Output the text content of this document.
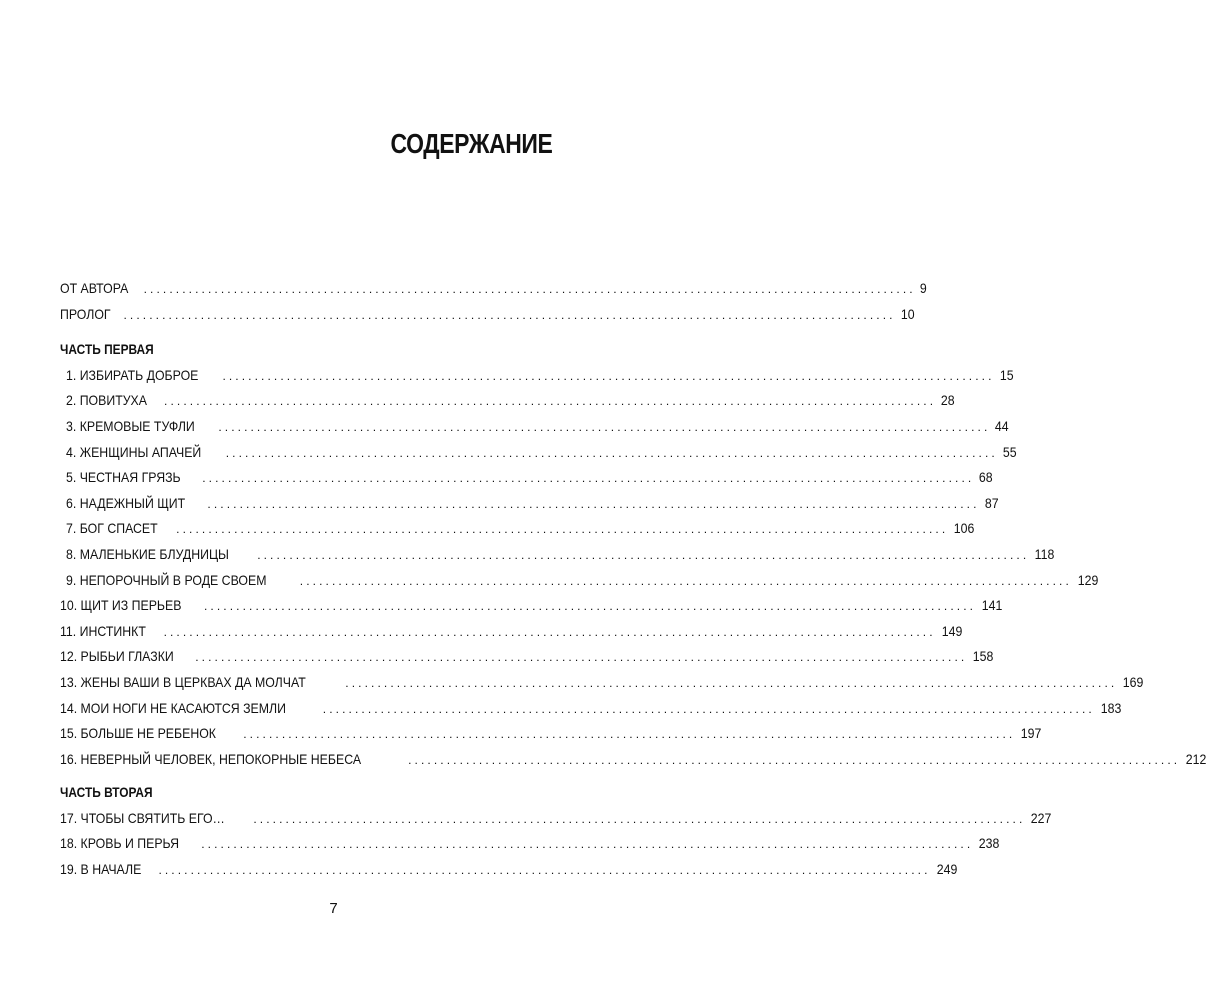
СОДЕРЖАНИЕ
ОТ АВТОРА ........................................................................................................................ 9
ПРОЛОГ ........................................................................................................................ 10
ЧАСТЬ ПЕРВАЯ
1. ИЗБИРАТЬ ДОБРОЕ ........................................................................................................................ 15
2. ПОВИТУХА ........................................................................................................................ 28
3. КРЕМОВЫЕ ТУФЛИ ........................................................................................................................ 44
4. ЖЕНЩИНЫ АПАЧЕЙ ........................................................................................................................ 55
5. ЧЕСТНАЯ ГРЯЗЬ ........................................................................................................................ 68
6. НАДЕЖНЫЙ ЩИТ ........................................................................................................................ 87
7. БОГ СПАСЕТ ........................................................................................................................ 106
8. МАЛЕНЬКИЕ БЛУДНИЦЫ ........................................................................................................................ 118
9. НЕПОРОЧНЫЙ В РОДЕ СВОЕМ	........................................................................................................................ 129
10. ЩИТ ИЗ ПЕРЬЕВ ........................................................................................................................ 141
11. ИНСТИНКТ ........................................................................................................................ 149
12. РЫБЬИ ГЛАЗКИ ........................................................................................................................ 158
13. ЖЕНЫ ВАШИ В ЦЕРКВАХ ДА МОЛЧАТ	........................................................................................................................ 169
14. МОИ НОГИ НЕ КАСАЮТСЯ ЗЕМЛИ	........................................................................................................................ 183
15. БОЛЬШЕ НЕ РЕБЕНОК ........................................................................................................................ 197
16. НЕВЕРНЫЙ ЧЕЛОВЕК, НЕПОКОРНЫЕ НЕБЕСА	........................................................................................................................ 212
ЧАСТЬ ВТОРАЯ
17. ЧТОБЫ СВЯТИТЬ ЕГО… ........................................................................................................................ 227
18. КРОВЬ И ПЕРЬЯ ........................................................................................................................ 238
19. В НАЧАЛЕ ........................................................................................................................ 249
7
